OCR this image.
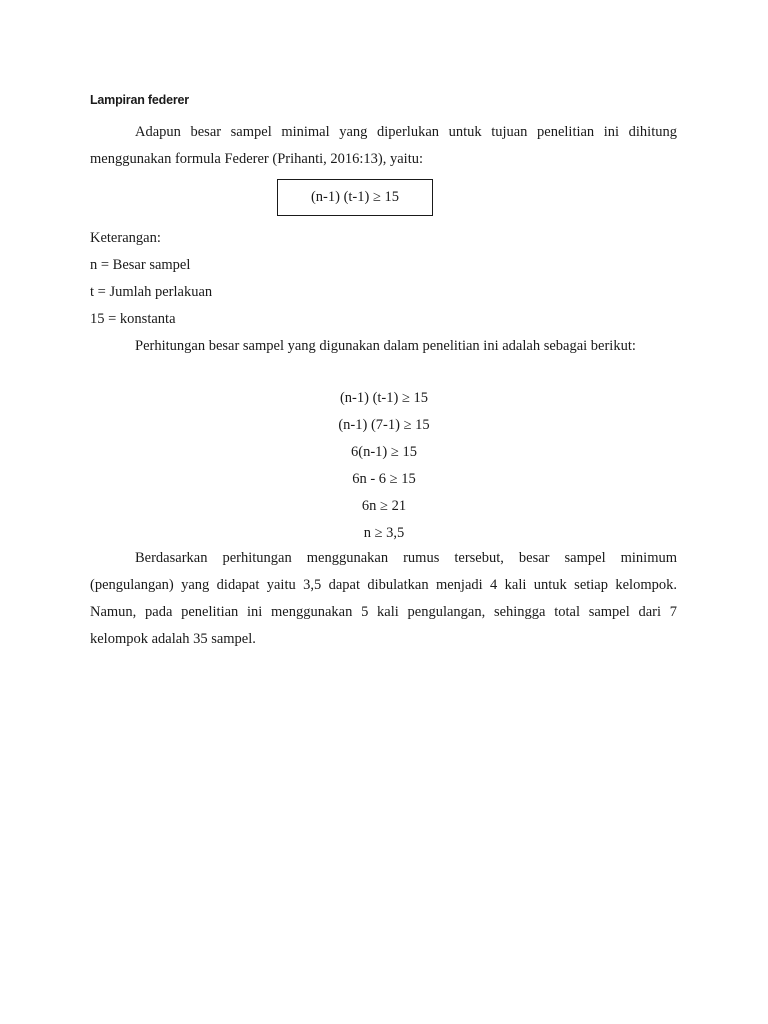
Lampiran federer

Adapun besar sampel minimal yang diperlukan untuk tujuan penelitian ini dihitung menggunakan formula Federer (Prihanti, 2016:13), yaitu:

(n-1) (t-1) ≥ 15
Keterangan:
n = Besar sampel
t = Jumlah perlakuan
15 = konstanta
Perhitungan besar sampel yang digunakan dalam penelitian ini adalah sebagai berikut:
(n-1) (t-1) ≥ 15
(n-1) (7-1) ≥ 15
6(n-1) ≥ 15
6n - 6 ≥ 15
6n ≥ 21
n ≥ 3,5

Berdasarkan perhitungan menggunakan rumus tersebut, besar sampel minimum (pengulangan) yang didapat yaitu 3,5 dapat dibulatkan menjadi 4 kali untuk setiap kelompok. Namun, pada penelitian ini menggunakan 5 kali pengulangan, sehingga total sampel dari 7 kelompok adalah 35 sampel.
